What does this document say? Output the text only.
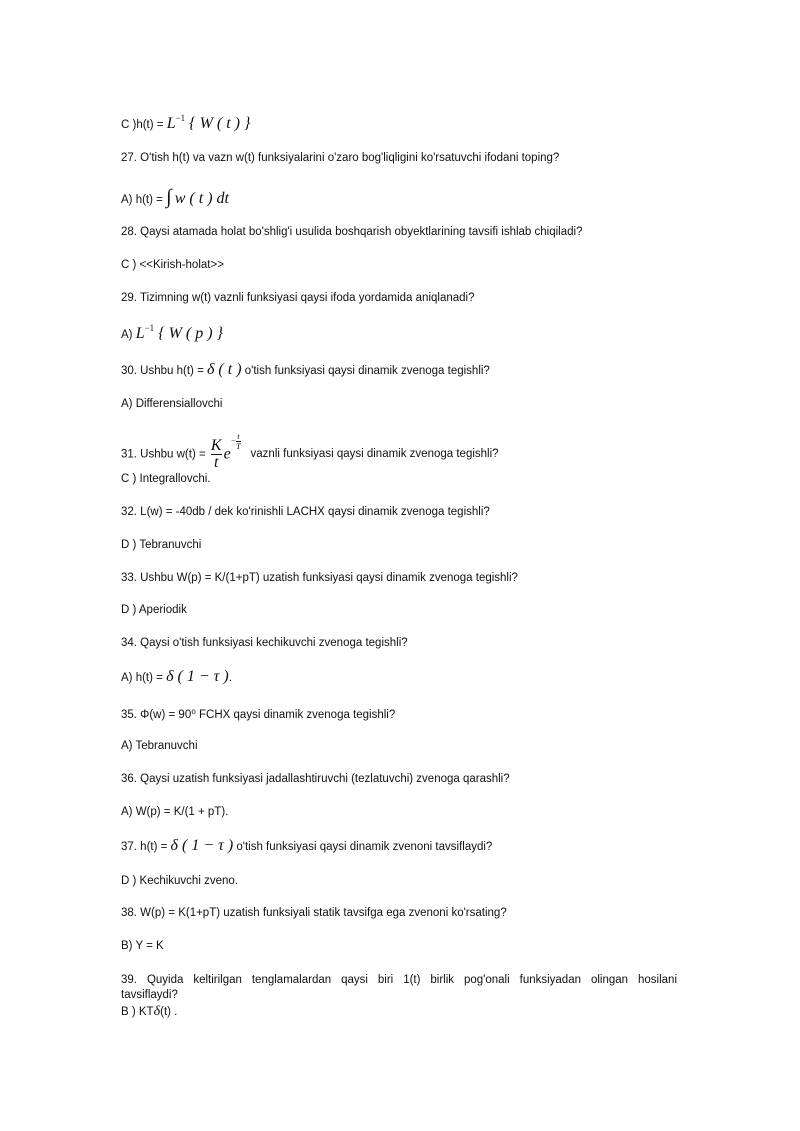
C )$h(t) = L^{-1}$ { W ( t ) }
27. O'tish h(t) va vazn w(t) funksiyalarini o'zaro bog'liqligini ko'rsatuvchi ifodani toping?
A) h(t) = ∫ w ( t ) dt
28. Qaysi atamada holat bo'shlig'i usulida boshqarish obyektlarining tavsifi ishlab chiqiladi?
C ) <<Kirish-holat>>
29. Tizimning w(t) vaznli funksiyasi qaysi ifoda yordamida aniqlanadi?
A) $L^{-1}$ { W ( p ) }
30. Ushbu h(t) = δ ( t ) o'tish funksiyasi qaysi dinamik zvenoga tegishli?
A) Differensiallovchi
31. Ushbu $w(t) = \frac{K}{t} e- \frac{t}{T}$
vaznli funksiyasi qaysi dinamik zvenoga tegishli?
C ) Integrallovchi.
32. L(w) = -40db / dek ko'rinishli LACHX qaysi dinamik zvenoga tegishli?
D ) Tebranuvchi
33. Ushbu W(p) = K/(1+pT) uzatish funksiyasi qaysi dinamik zvenoga tegishli?
D ) Aperiodik
34. Qaysi o'tish funksiyasi kechikuvchi zvenoga tegishli?
A) h(t) = δ ( 1 − τ ).
35. Φ(w) = 90⁰ FCHX qaysi dinamik zvenoga tegishli?
A) Tebranuvchi
36. Qaysi uzatish funksiyasi jadallashtiruvchi (tezlatuvchi) zvenoga qarashli?
A) W(p) = K/(1 + pT).
37. h(t) = δ ( 1 − τ ) o'tish funksiyasi qaysi dinamik zvenoni tavsiflaydi?
D ) Kechikuvchi zveno.
38. W(p) = K(1+pT) uzatish funksiyali statik tavsifga ega zvenoni ko'rsating?
B) Y = K
39. Quyida keltirilgan tenglamalardan qaysi biri 1(t) birlik pog'onali funksiyadan olingan hosilani
tavsiflaydi?
B ) KTδ(t) .
